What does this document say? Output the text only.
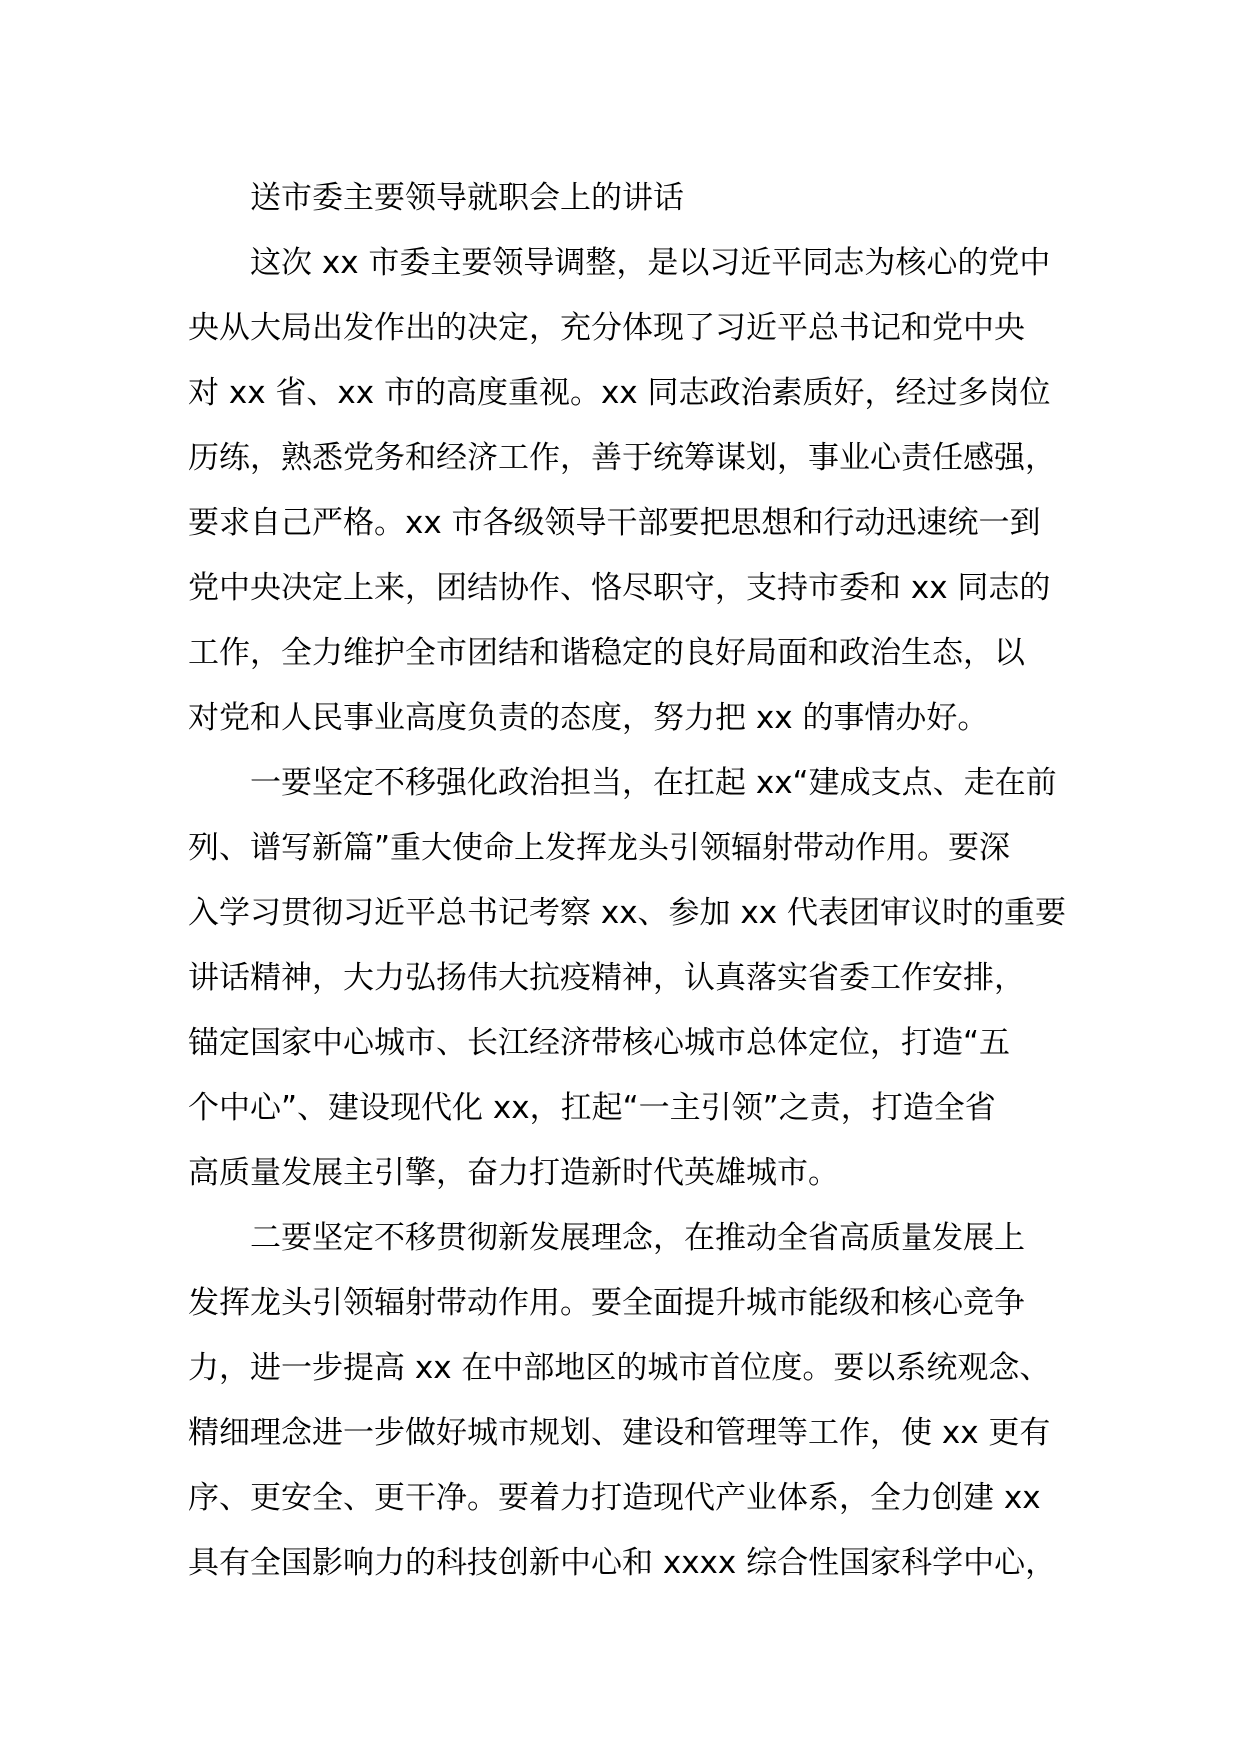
送市委主要领导就职会上的讲话
这次 xx 市委主要领导调整，是以习近平同志为核心的党中
央从大局出发作出的决定，充分体现了习近平总书记和党中央
对 xx 省、xx 市的高度重视。xx 同志政治素质好，经过多岗位
历练，熟悉党务和经济工作，善于统筹谋划，事业心责任感强，
要求自己严格。xx 市各级领导干部要把思想和行动迅速统一到
党中央决定上来，团结协作、恪尽职守，支持市委和 xx 同志的
工作，全力维护全市团结和谐稳定的良好局面和政治生态，以
对党和人民事业高度负责的态度，努力把 xx 的事情办好。
一要坚定不移强化政治担当，在扛起 xx“建成支点、走在前
列、谱写新篇”重大使命上发挥龙头引领辐射带动作用。要深
入学习贯彻习近平总书记考察 xx、参加 xx 代表团审议时的重要
讲话精神，大力弘扬伟大抗疫精神，认真落实省委工作安排，
锚定国家中心城市、长江经济带核心城市总体定位，打造“五
个中心”、建设现代化 xx，扛起“一主引领”之责，打造全省
高质量发展主引擎，奋力打造新时代英雄城市。
二要坚定不移贯彻新发展理念，在推动全省高质量发展上
发挥龙头引领辐射带动作用。要全面提升城市能级和核心竞争
力，进一步提高 xx 在中部地区的城市首位度。要以系统观念、
精细理念进一步做好城市规划、建设和管理等工作，使 xx 更有
序、更安全、更干净。要着力打造现代产业体系，全力创建 xx
具有全国影响力的科技创新中心和 xxxx 综合性国家科学中心，
